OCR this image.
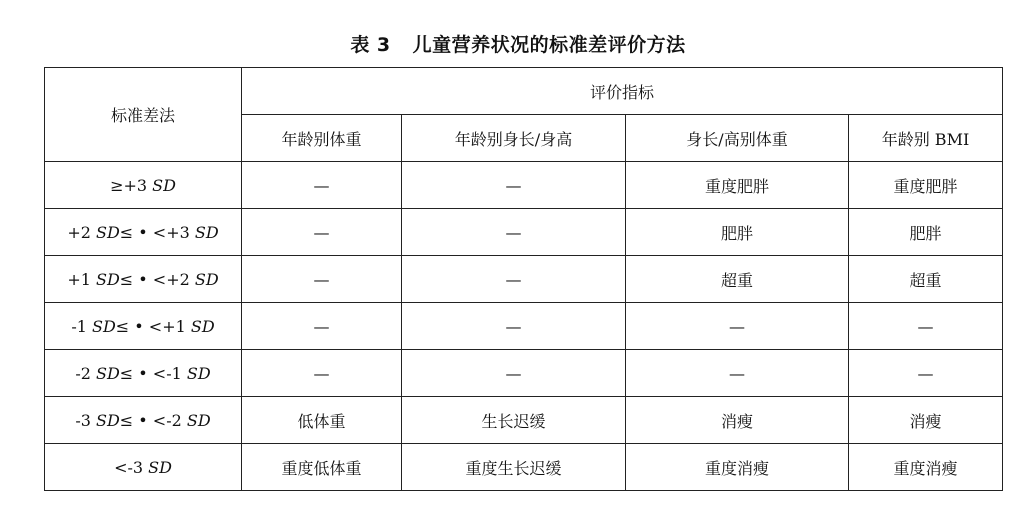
表 3 儿童营养状况的标准差评价方法
标准差法	评价指标			
	年龄别体重	年龄别身长/身高	身长/高别体重	年龄别 BMI
≥+3 SD	—	—	重度肥胖	重度肥胖
+2 SD≤ • <+3 SD	—	—	肥胖	肥胖
+1 SD≤ • <+2 SD	—	—	超重	超重
-1 SD≤ • <+1 SD	—	—	—	—
-2 SD≤ • <-1 SD	—	—	—	—
-3 SD≤ • <-2 SD	低体重	生长迟缓	消瘦	消瘦
<-3 SD	重度低体重	重度生长迟缓	重度消瘦	重度消瘦
